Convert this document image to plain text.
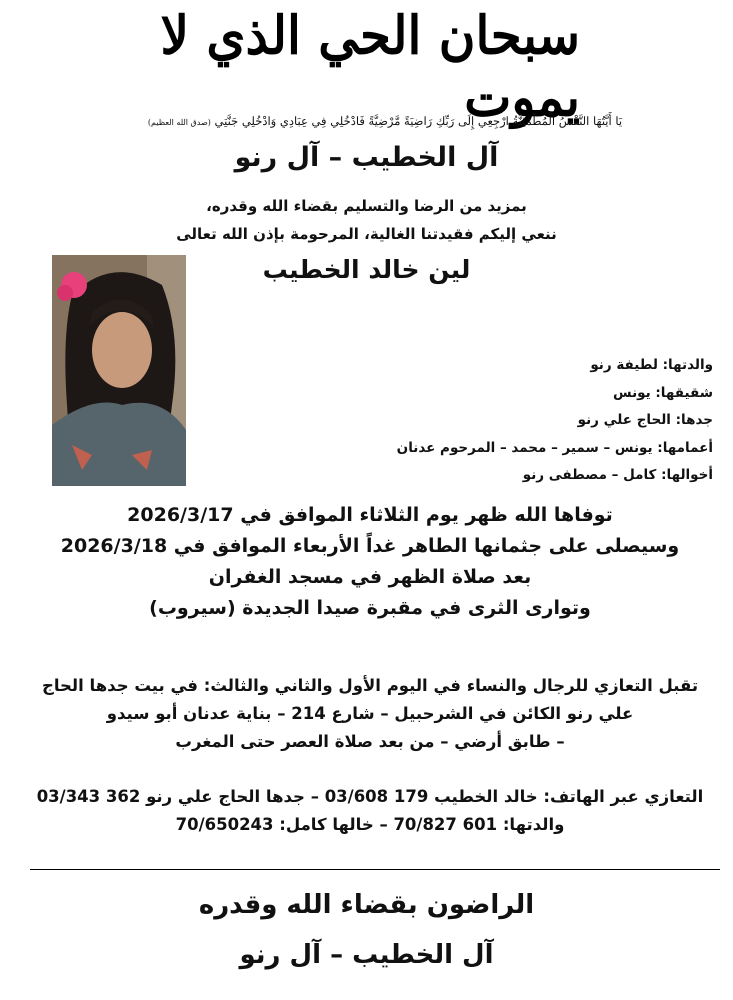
سبحان الحي الذي لا يموت
يَا أَيَّتُهَا النَّفْسُ الْمُطْمَئِنَّةُ ارْجِعِي إِلَى رَبِّكِ رَاضِيَةً مَّرْضِيَّةً فَادْخُلِي فِي عِبَادِي وَادْخُلِي جَنَّتِي (صدق الله العظيم)
آل الخطيب – آل رنو
بمزيد من الرضا والتسليم بقضاء الله وقدره،
ننعي إليكم فقيدتنا الغالية، المرحومة بإذن الله تعالى
لين خالد الخطيب
والدتها: لطيفة رنو
شقيقها: يونس
جدها: الحاج علي رنو
أعمامها: يونس – سمير – محمد – المرحوم عدنان
أخوالها: كامل – مصطفى رنو
توفاها الله ظهر يوم الثلاثاء الموافق في 2026/3/17
وسيصلى على جثمانها الطاهر غداً الأربعاء الموافق في 2026/3/18
بعد صلاة الظهر في مسجد الغفران
وتوارى الثرى في مقبرة صيدا الجديدة (سيروب)
تقبل التعازي للرجال والنساء في اليوم الأول والثاني والثالث: في بيت جدها الحاج
علي رنو الكائن في الشرحبيل – شارع 214 – بناية عدنان أبو سيدو
– طابق أرضي – من بعد صلاة العصر حتى المغرب
التعازي عبر الهاتف: خالد الخطيب 179 03/608 – جدها الحاج علي رنو 362 03/343
والدتها: 601 70/827 – خالها كامل: 70/650243
الراضون بقضاء الله وقدره
آل الخطيب – آل رنو
